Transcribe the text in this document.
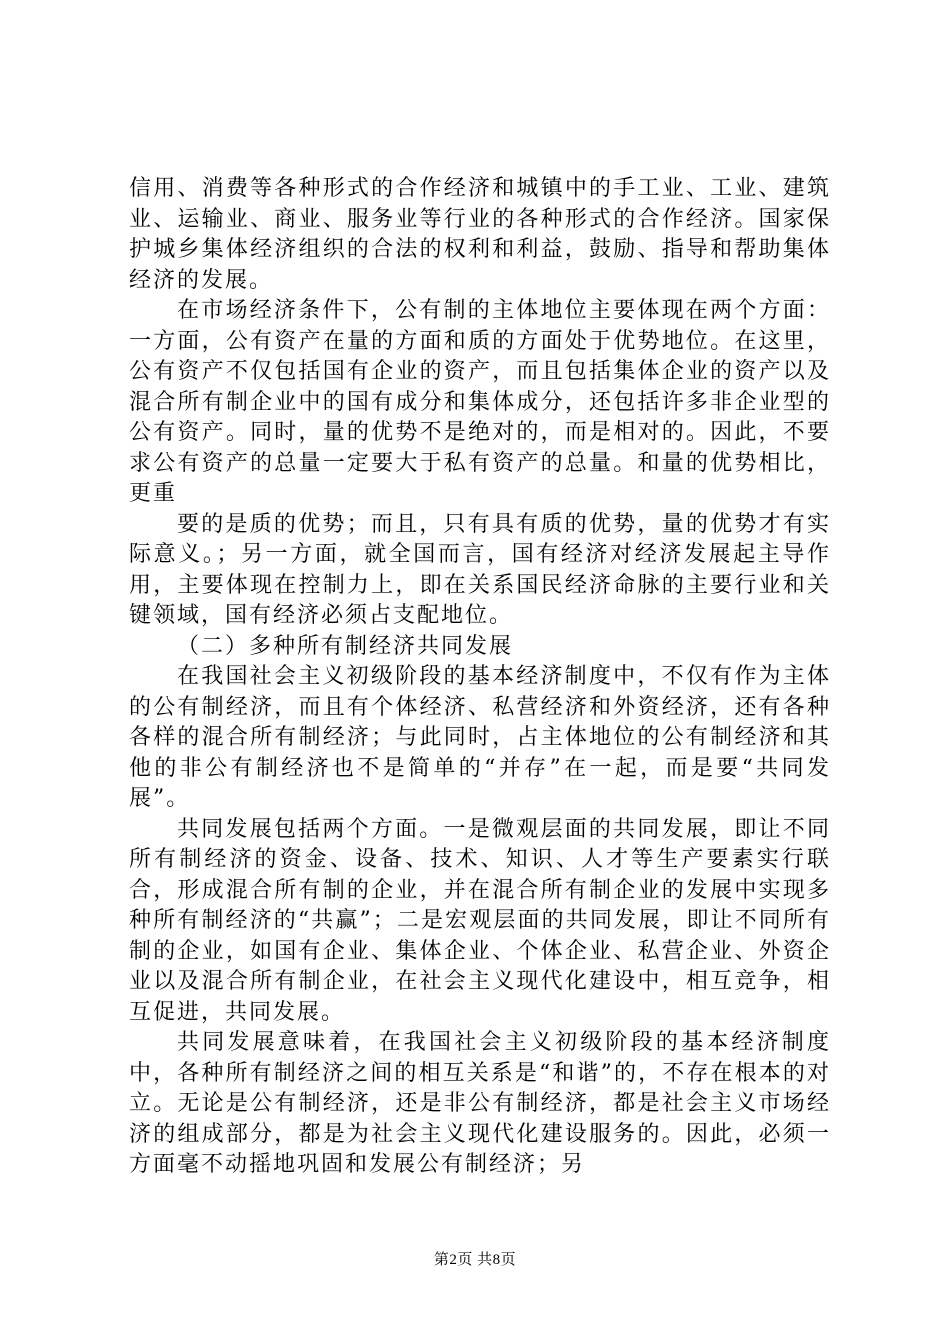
信用、消费等各种形式的合作经济和城镇中的手工业、工业、建筑业、运输业、商业、服务业等行业的各种形式的合作经济。国家保护城乡集体经济组织的合法的权利和利益，鼓励、指导和帮助集体经济的发展。

在市场经济条件下，公有制的主体地位主要体现在两个方面：一方面，公有资产在量的方面和质的方面处于优势地位。在这里，公有资产不仅包括国有企业的资产，而且包括集体企业的资产以及混合所有制企业中的国有成分和集体成分，还包括许多非企业型的公有资产。同时，量的优势不是绝对的，而是相对的。因此，不要求公有资产的总量一定要大于私有资产的总量。和量的优势相比，更重

要的是质的优势；而且，只有具有质的优势，量的优势才有实际意义。；另一方面，就全国而言，国有经济对经济发展起主导作用，主要体现在控制力上，即在关系国民经济命脉的主要行业和关键领域，国有经济必须占支配地位。

（二）多种所有制经济共同发展

在我国社会主义初级阶段的基本经济制度中，不仅有作为主体的公有制经济，而且有个体经济、私营经济和外资经济，还有各种各样的混合所有制经济；与此同时，占主体地位的公有制经济和其他的非公有制经济也不是简单的“并存”在一起，而是要“共同发展”。

共同发展包括两个方面。一是微观层面的共同发展，即让不同所有制经济的资金、设备、技术、知识、人才等生产要素实行联合，形成混合所有制的企业，并在混合所有制企业的发展中实现多种所有制经济的“共赢”；二是宏观层面的共同发展，即让不同所有制的企业，如国有企业、集体企业、个体企业、私营企业、外资企业以及混合所有制企业，在社会主义现代化建设中，相互竞争，相互促进，共同发展。

共同发展意味着，在我国社会主义初级阶段的基本经济制度中，各种所有制经济之间的相互关系是“和谐”的，不存在根本的对立。无论是公有制经济，还是非公有制经济，都是社会主义市场经济的组成部分，都是为社会主义现代化建设服务的。因此，必须一方面毫不动摇地巩固和发展公有制经济；另

第2页 共8页
